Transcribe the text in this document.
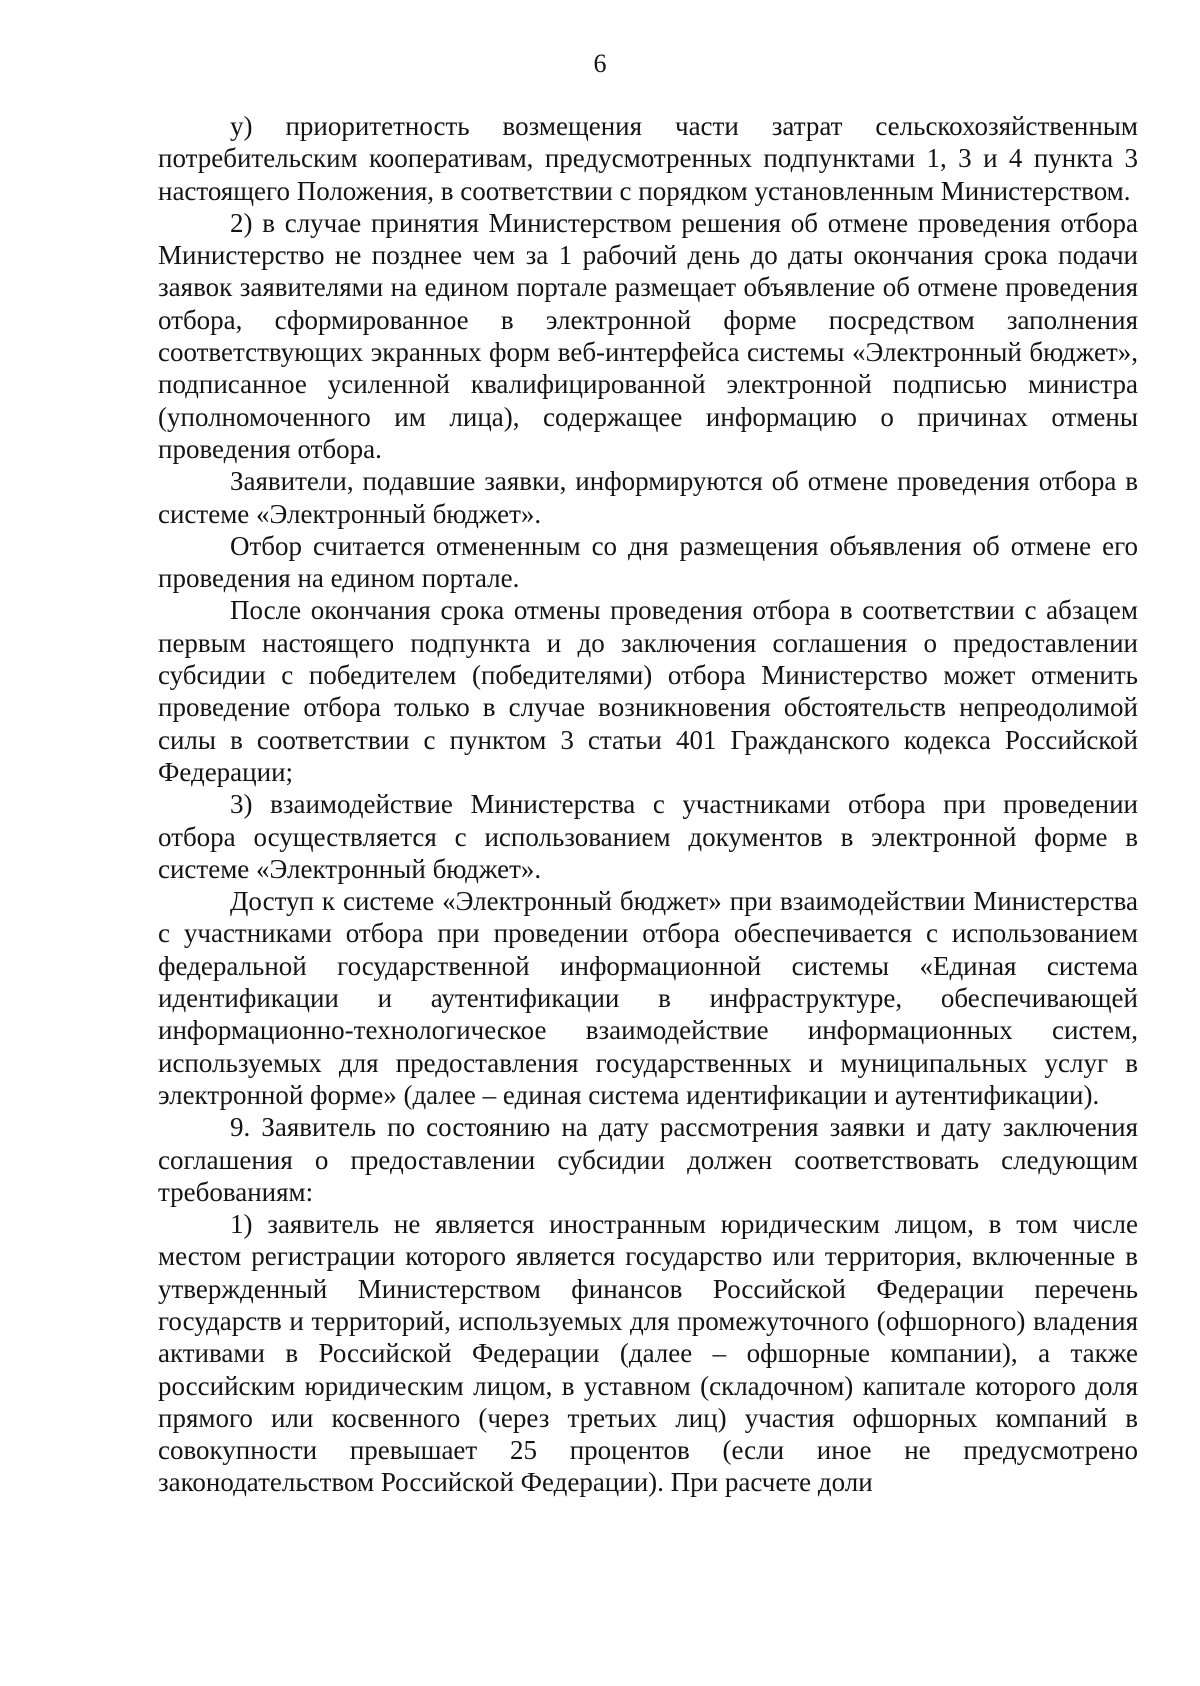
6

у) приоритетность возмещения части затрат сельскохозяйственным потребительским кооперативам, предусмотренных подпунктами 1, 3 и 4 пункта 3 настоящего Положения, в соответствии с порядком установленным Министерством.

2) в случае принятия Министерством решения об отмене проведения отбора Министерство не позднее чем за 1 рабочий день до даты окончания срока подачи заявок заявителями на едином портале размещает объявление об отмене проведения отбора, сформированное в электронной форме посредством заполнения соответствующих экранных форм веб-интерфейса системы «Электронный бюджет», подписанное усиленной квалифицированной электронной подписью министра (уполномоченного им лица), содержащее информацию о причинах отмены проведения отбора.

Заявители, подавшие заявки, информируются об отмене проведения отбора в системе «Электронный бюджет».

Отбор считается отмененным со дня размещения объявления об отмене его проведения на едином портале.

После окончания срока отмены проведения отбора в соответствии с абзацем первым настоящего подпункта и до заключения соглашения о предоставлении субсидии с победителем (победителями) отбора Министерство может отменить проведение отбора только в случае возникновения обстоятельств непреодолимой силы в соответствии с пунктом 3 статьи 401 Гражданского кодекса Российской Федерации;

3) взаимодействие Министерства с участниками отбора при проведении отбора осуществляется с использованием документов в электронной форме в системе «Электронный бюджет».

Доступ к системе «Электронный бюджет» при взаимодействии Министерства с участниками отбора при проведении отбора обеспечивается с использованием федеральной государственной информационной системы «Единая система идентификации и аутентификации в инфраструктуре, обеспечивающей информационно-технологическое взаимодействие информационных систем, используемых для предоставления государственных и муниципальных услуг в электронной форме» (далее – единая система идентификации и аутентификации).

9. Заявитель по состоянию на дату рассмотрения заявки и дату заключения соглашения о предоставлении субсидии должен соответствовать следующим требованиям:

1) заявитель не является иностранным юридическим лицом, в том числе местом регистрации которого является государство или территория, включенные в утвержденный Министерством финансов Российской Федерации перечень государств и территорий, используемых для промежуточного (офшорного) владения активами в Российской Федерации (далее – офшорные компании), а также российским юридическим лицом, в уставном (складочном) капитале которого доля прямого или косвенного (через третьих лиц) участия офшорных компаний в совокупности превышает 25 процентов (если иное не предусмотрено законодательством Российской Федерации). При расчете доли
